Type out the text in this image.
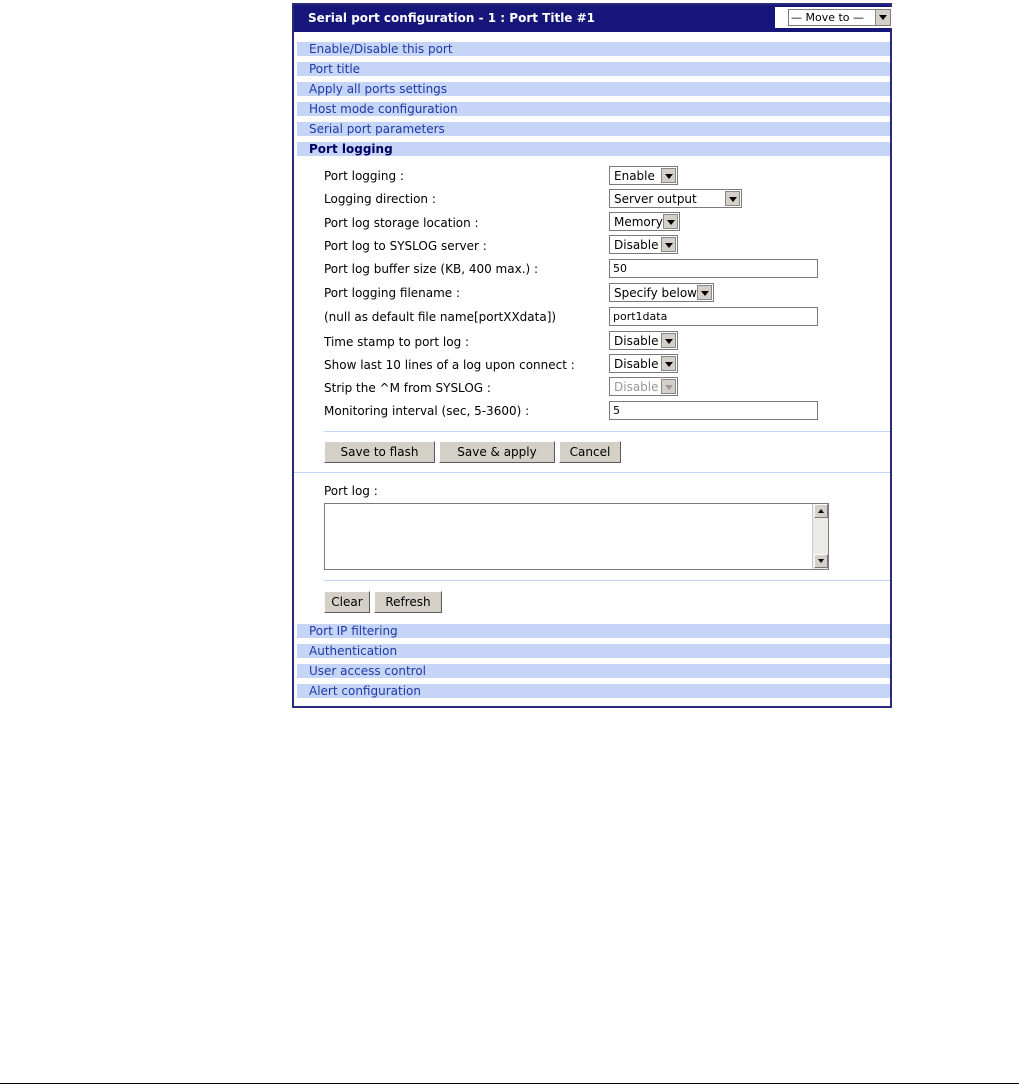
Serial port configuration - 1 : Port Title #1	— Move to —
Enable/Disable this port
Port title
Apply all ports settings
Host mode configuration
Serial port parameters
Port logging
Port logging :	Enable
Logging direction :	Server output
Port log storage location :	Memory
Port log to SYSLOG server :	Disable
Port log buffer size (KB, 400 max.) :	50
Port logging filename :	Specify below
(null as default file name[portXXdata])	port1data
Time stamp to port log :	Disable
Show last 10 lines of a log upon connect :	Disable
Strip the ^M from SYSLOG :	Disable
Monitoring interval (sec, 5-3600) :	5
Save to flash	Save & apply	Cancel
Port log :
Clear	Refresh
Port IP filtering
Authentication
User access control
Alert configuration
